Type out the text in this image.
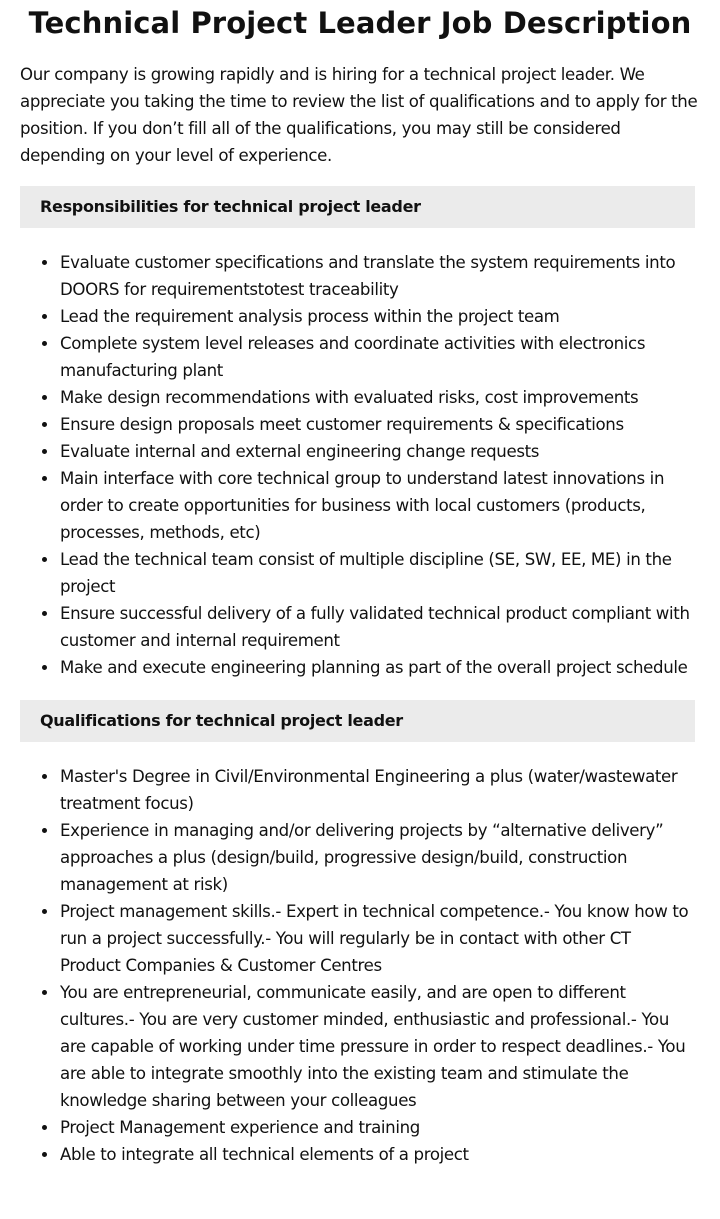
Technical Project Leader Job Description

Our company is growing rapidly and is hiring for a technical project leader. We appreciate you taking the time to review the list of qualifications and to apply for the position. If you don’t fill all of the qualifications, you may still be considered depending on your level of experience.

Responsibilities for technical project leader
Evaluate customer specifications and translate the system requirements into DOORS for requirementstotest traceability
Lead the requirement analysis process within the project team
Complete system level releases and coordinate activities with electronics manufacturing plant
Make design recommendations with evaluated risks, cost improvements
Ensure design proposals meet customer requirements & specifications
Evaluate internal and external engineering change requests
Main interface with core technical group to understand latest innovations in order to create opportunities for business with local customers (products, processes, methods, etc)
Lead the technical team consist of multiple discipline (SE, SW, EE, ME) in the project
Ensure successful delivery of a fully validated technical product compliant with customer and internal requirement
Make and execute engineering planning as part of the overall project schedule
Qualifications for technical project leader
Master's Degree in Civil/Environmental Engineering a plus (water/wastewater treatment focus)
Experience in managing and/or delivering projects by “alternative delivery” approaches a plus (design/build, progressive design/build, construction management at risk)
Project management skills.- Expert in technical competence.- You know how to run a project successfully.- You will regularly be in contact with other CT Product Companies & Customer Centres
You are entrepreneurial, communicate easily, and are open to different cultures.- You are very customer minded, enthusiastic and professional.- You are capable of working under time pressure in order to respect deadlines.- You are able to integrate smoothly into the existing team and stimulate the knowledge sharing between your colleagues
Project Management experience and training
Able to integrate all technical elements of a project
